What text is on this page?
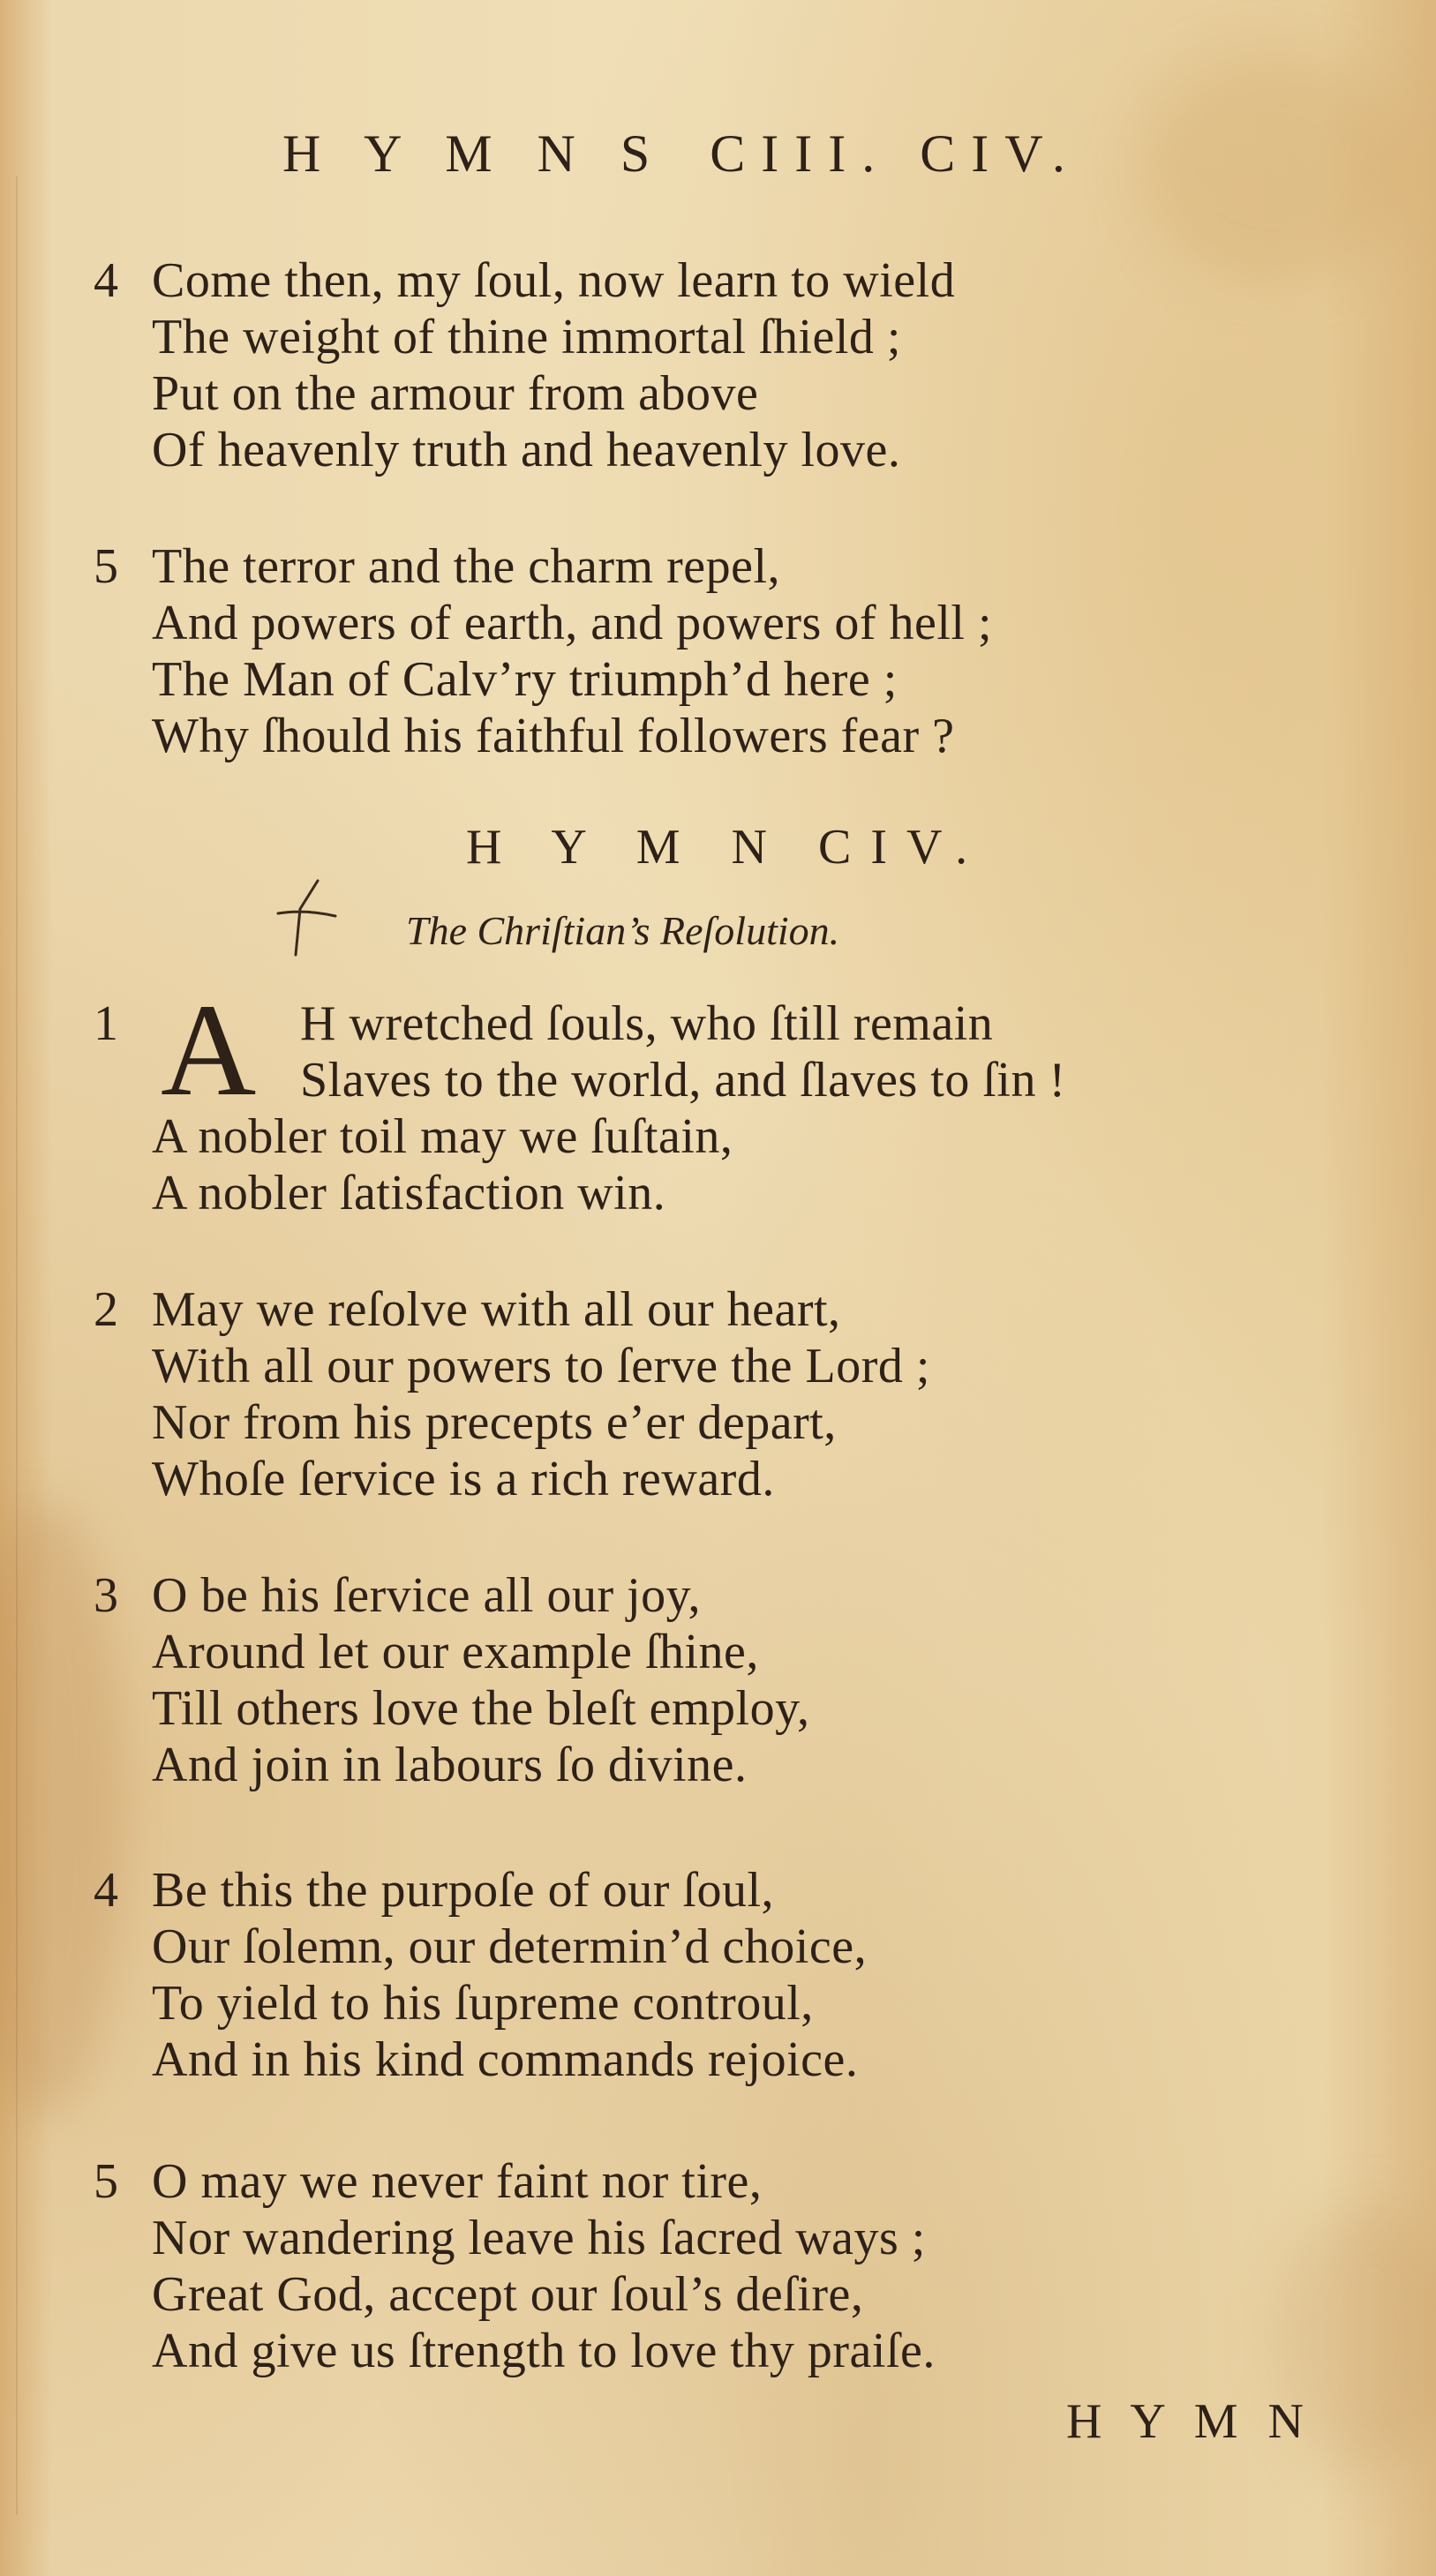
H Y M N S CIII. CIV.
4 Come then, my ſoul, now learn to wield
The weight of thine immortal ſhield ;
Put on the armour from above
Of heavenly truth and heavenly love.
5 The terror and the charm repel,
And powers of earth, and powers of hell ;
The Man of Calv’ry triumph’d here ;
Why ſhould his faithful followers fear ?
H Y M N CIV.
The Chriſtian’s Reſolution.
1	H wretched ſouls, who ſtill remain
Slaves to the world, and ſlaves to ſin !
A nobler toil may we ſuſtain,
A nobler ſatisfaction win.
A
2 May we reſolve with all our heart,
With all our powers to ſerve the Lord ;
Nor from his precepts e’er depart,
Whoſe ſervice is a rich reward.
3 O be his ſervice all our joy,
Around let our example ſhine,
Till others love the bleſt employ,
And join in labours ſo divine.
4 Be this the purpoſe of our ſoul,
Our ſolemn, our determin’d choice,
To yield to his ſupreme controul,
And in his kind commands rejoice.
5 O may we never faint nor tire,
Nor wandering leave his ſacred ways ;
Great God, accept our ſoul’s deſire,
And give us ſtrength to love thy praiſe.
H Y M N
